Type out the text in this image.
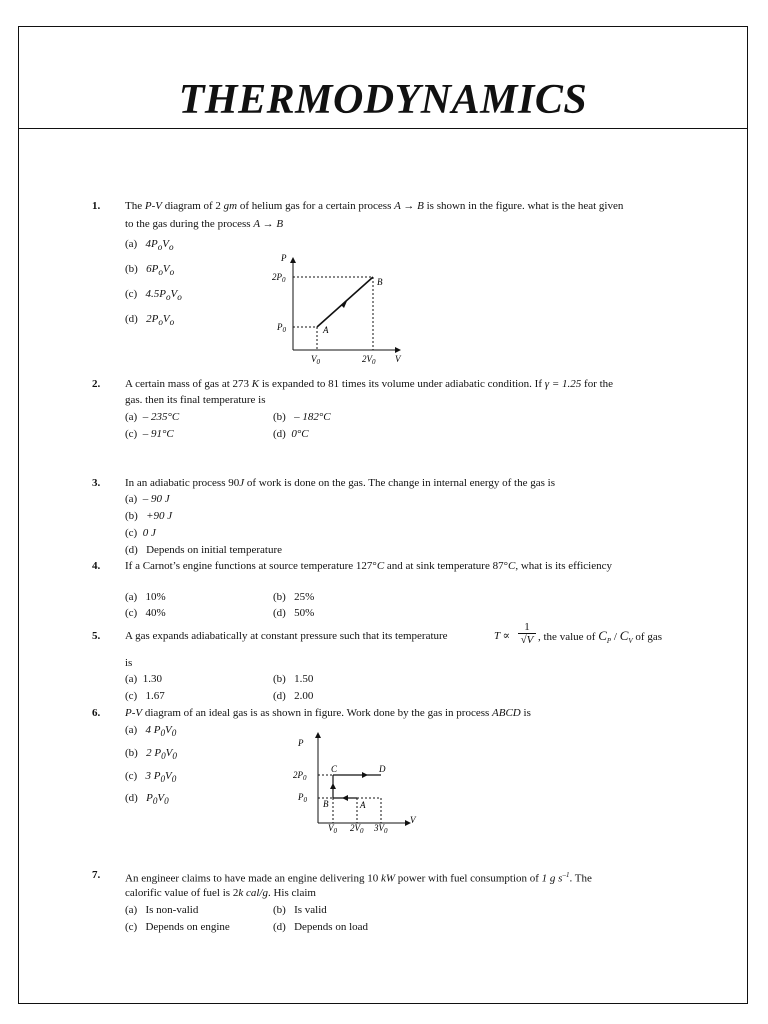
THERMODYNAMICS
1. The P-V diagram of 2 gm of helium gas for a certain process A → B is shown in the figure. what is the heat given
to the gas during the process A → B
(a) $4P_oV_o$
(b) $6P_oV_o$
(c) $4.5P_oV_o$
(d) $2P_oV_o$
P
V
$2P_0$
$P_0$
$V_0$	$2V_0$
A
B
2. A certain mass of gas at 273 K is expanded to 81 times its volume under adiabatic condition. If γ = 1.25 for the
gas. then its final temperature is
(a) – 235°C	(b) – 182°C
(c) – 91°C	(d) 0°C
3. In an adiabatic process 90J of work is done on the gas. The change in internal energy of the gas is
(a) – 90 J
(b) +90 J
(c) 0 J
(d) Depends on initial temperature
4. If a Carnot’s engine functions at source temperature 127°C and at sink temperature 87°C, what is its efficiency
(a) 10%	(b) 25%
(c) 40%	(d) 50%
5. A gas expands adiabatically at constant pressure such that its temperature	$T \propto \frac{1}{√V}$ , the value of $C_P / C_V$ of gas
is
(a) 1.30	(b) 1.50
(c) 1.67	(d) 2.00
6. P-V diagram of an ideal gas is as shown in figure. Work done by the gas in process ABCD is
(a) 4 $P_0V_0$
(b) 2 $P_0V_0$
(c) 3 $P_0V_0$
(d) $P_0V_0$
P
V
$2P_0$
$P_0$
$V_0$ $2V_0$ $3V_0$
A
B
C	D
7. An engineer claims to have made an engine delivering 10 kW power with fuel consumption of 1 g $s^{-1}$. The
calorific value of fuel is 2k cal/g. His claim
(a) Is non-valid	(b) Is valid
(c) Depends on engine	(d) Depends on load
